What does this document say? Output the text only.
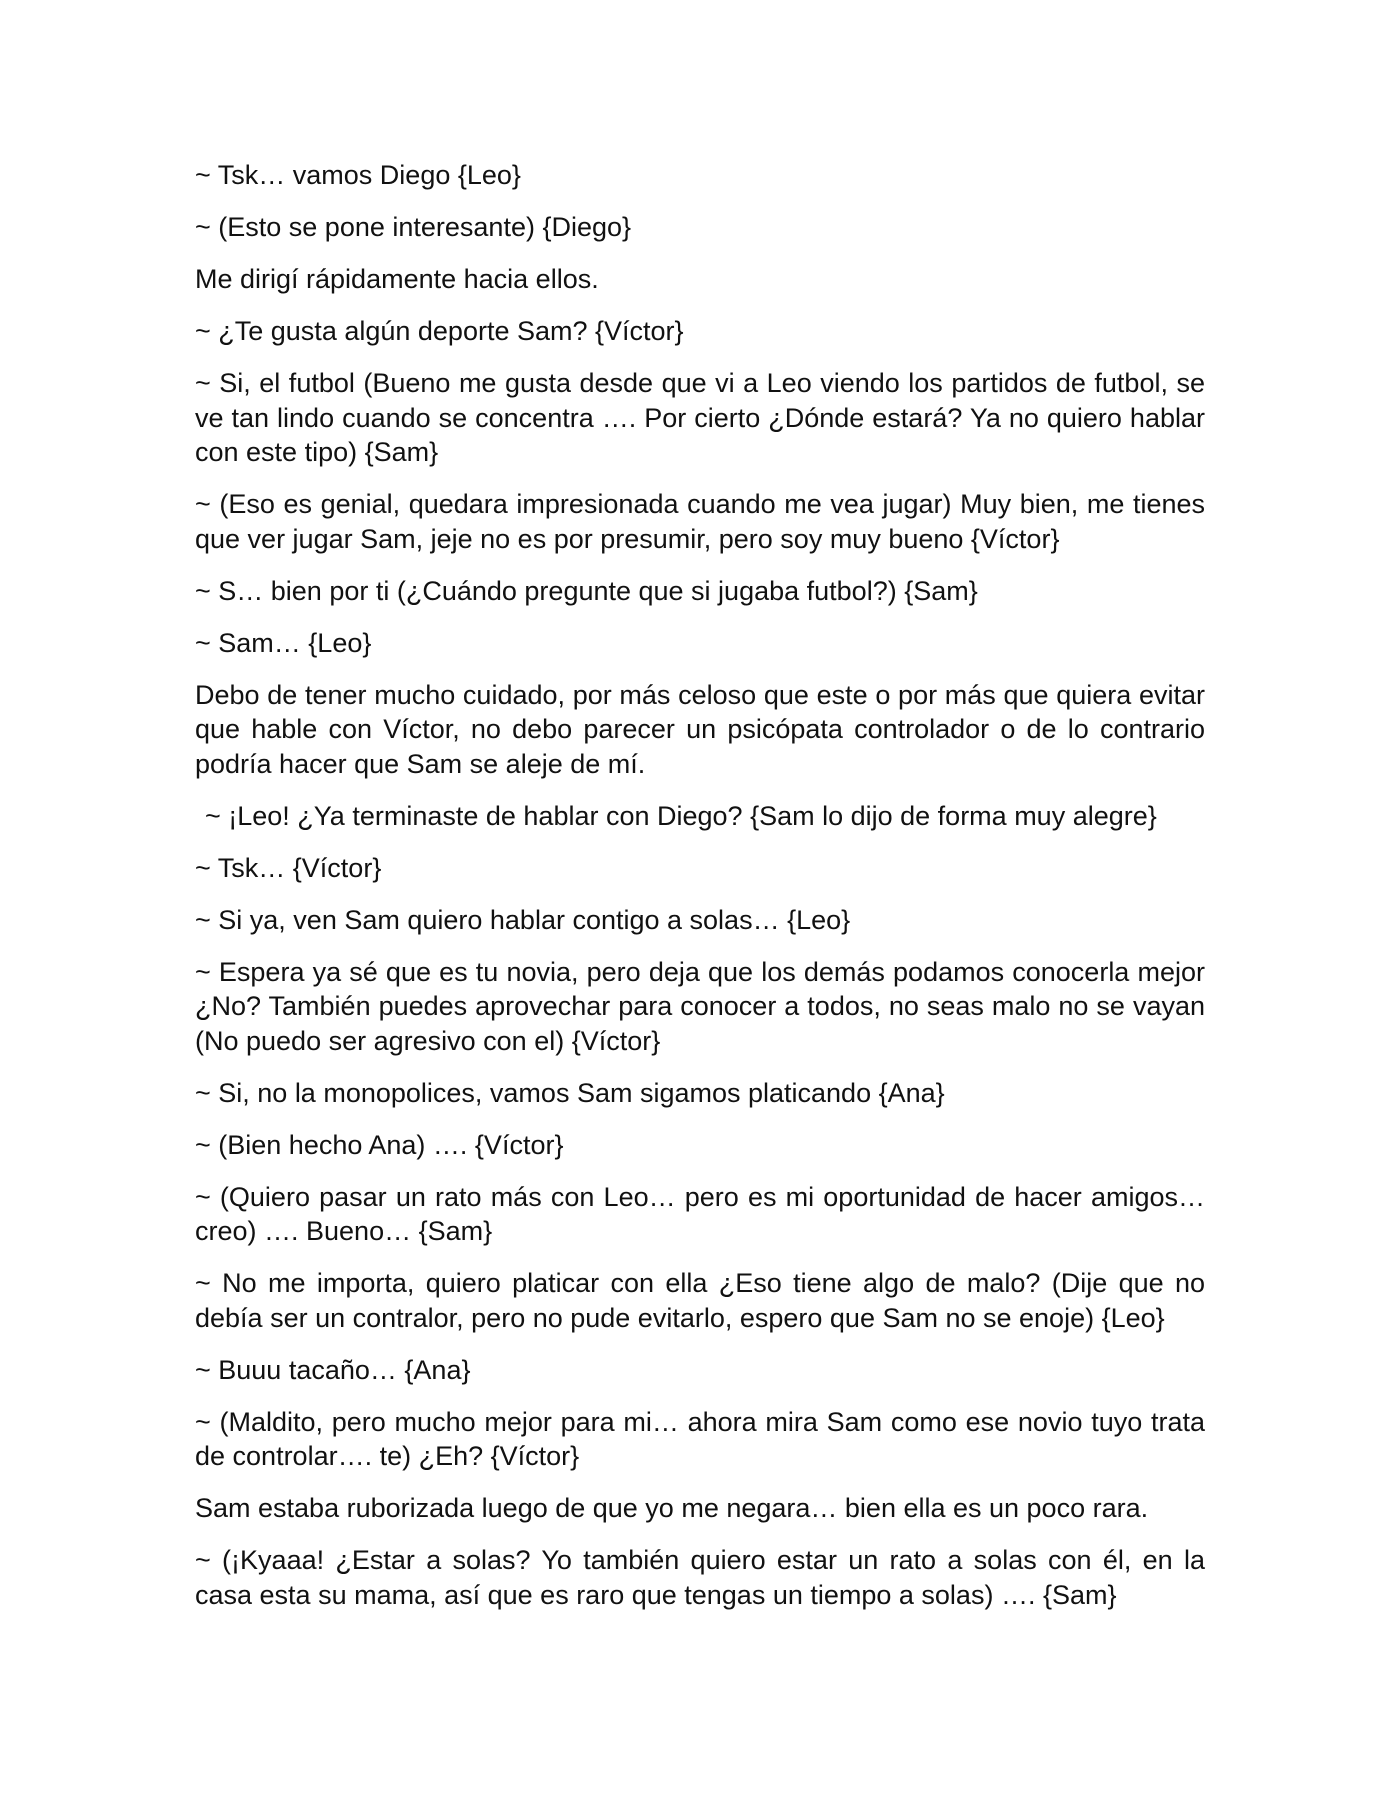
~ Tsk… vamos Diego {Leo}

~ (Esto se pone interesante) {Diego}

Me dirigí rápidamente hacia ellos.

~ ¿Te gusta algún deporte Sam? {Víctor}

~ Si, el futbol (Bueno me gusta desde que vi a Leo viendo los partidos de futbol, se ve tan lindo cuando se concentra …. Por cierto ¿Dónde estará? Ya no quiero hablar con este tipo) {Sam}

~ (Eso es genial, quedara impresionada cuando me vea jugar) Muy bien, me tienes que ver jugar Sam, jeje no es por presumir, pero soy muy bueno {Víctor}

~ S… bien por ti (¿Cuándo pregunte que si jugaba futbol?) {Sam}

~ Sam… {Leo}

Debo de tener mucho cuidado, por más celoso que este o por más que quiera evitar que hable con Víctor, no debo parecer un psicópata controlador o de lo contrario podría hacer que Sam se aleje de mí.

~ ¡Leo! ¿Ya terminaste de hablar con Diego? {Sam lo dijo de forma muy alegre}

~ Tsk… {Víctor}

~ Si ya, ven Sam quiero hablar contigo a solas… {Leo}

~ Espera ya sé que es tu novia, pero deja que los demás podamos conocerla mejor ¿No? También puedes aprovechar para conocer a todos, no seas malo no se vayan (No puedo ser agresivo con el) {Víctor}

~ Si, no la monopolices, vamos Sam sigamos platicando {Ana}

~ (Bien hecho Ana) …. {Víctor}

~ (Quiero pasar un rato más con Leo… pero es mi oportunidad de hacer amigos… creo) …. Bueno… {Sam}

~ No me importa, quiero platicar con ella ¿Eso tiene algo de malo? (Dije que no debía ser un contralor, pero no pude evitarlo, espero que Sam no se enoje) {Leo}

~ Buuu tacaño… {Ana}

~ (Maldito, pero mucho mejor para mi… ahora mira Sam como ese novio tuyo trata de controlar…. te) ¿Eh? {Víctor}

Sam estaba ruborizada luego de que yo me negara… bien ella es un poco rara.

~ (¡Kyaaa! ¿Estar a solas? Yo también quiero estar un rato a solas con él, en la casa esta su mama, así que es raro que tengas un tiempo a solas) …. {Sam}
